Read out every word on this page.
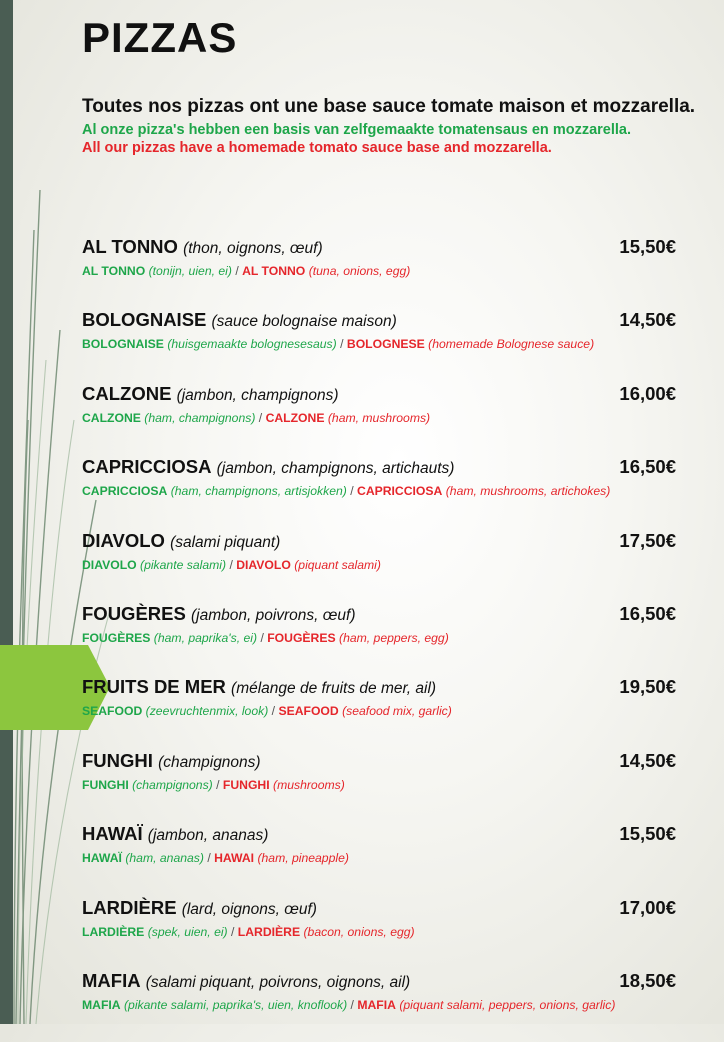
PIZZAS
Toutes nos pizzas ont une base sauce tomate maison et mozzarella.
Al onze pizza's hebben een basis van zelfgemaakte tomatensaus en mozzarella.
All our pizzas have a homemade tomato sauce base and mozzarella.
AL TONNO (thon, oignons, œuf)	15,50€
AL TONNO (tonijn, uien, ei) / AL TONNO (tuna, onions, egg)
BOLOGNAISE (sauce bolognaise maison)	14,50€
BOLOGNAISE (huisgemaakte bolognesesaus) / BOLOGNESE (homemade Bolognese sauce)
CALZONE (jambon, champignons)	16,00€
CALZONE (ham, champignons) / CALZONE (ham, mushrooms)
CAPRICCIOSA (jambon, champignons, artichauts)	16,50€
CAPRICCIOSA (ham, champignons, artisjokken) / CAPRICCIOSA (ham, mushrooms, artichokes)
DIAVOLO (salami piquant)	17,50€
DIAVOLO (pikante salami) / DIAVOLO (piquant salami)
FOUGÈRES (jambon, poivrons, œuf)	16,50€
FOUGÈRES (ham, paprika's, ei) / FOUGÈRES (ham, peppers, egg)
FRUITS DE MER (mélange de fruits de mer, ail)	19,50€
SEAFOOD (zeevruchtenmix, look) / SEAFOOD (seafood mix, garlic)
FUNGHI (champignons)	14,50€
FUNGHI (champignons) / FUNGHI (mushrooms)
HAWAÏ (jambon, ananas)	15,50€
HAWAÏ (ham, ananas) / HAWAI (ham, pineapple)
LARDIÈRE (lard, oignons, œuf)	17,00€
LARDIÈRE (spek, uien, ei) / LARDIÈRE (bacon, onions, egg)
MAFIA (salami piquant, poivrons, oignons, ail)	18,50€
MAFIA (pikante salami, paprika's, uien, knoflook) / MAFIA (piquant salami, peppers, onions, garlic)
